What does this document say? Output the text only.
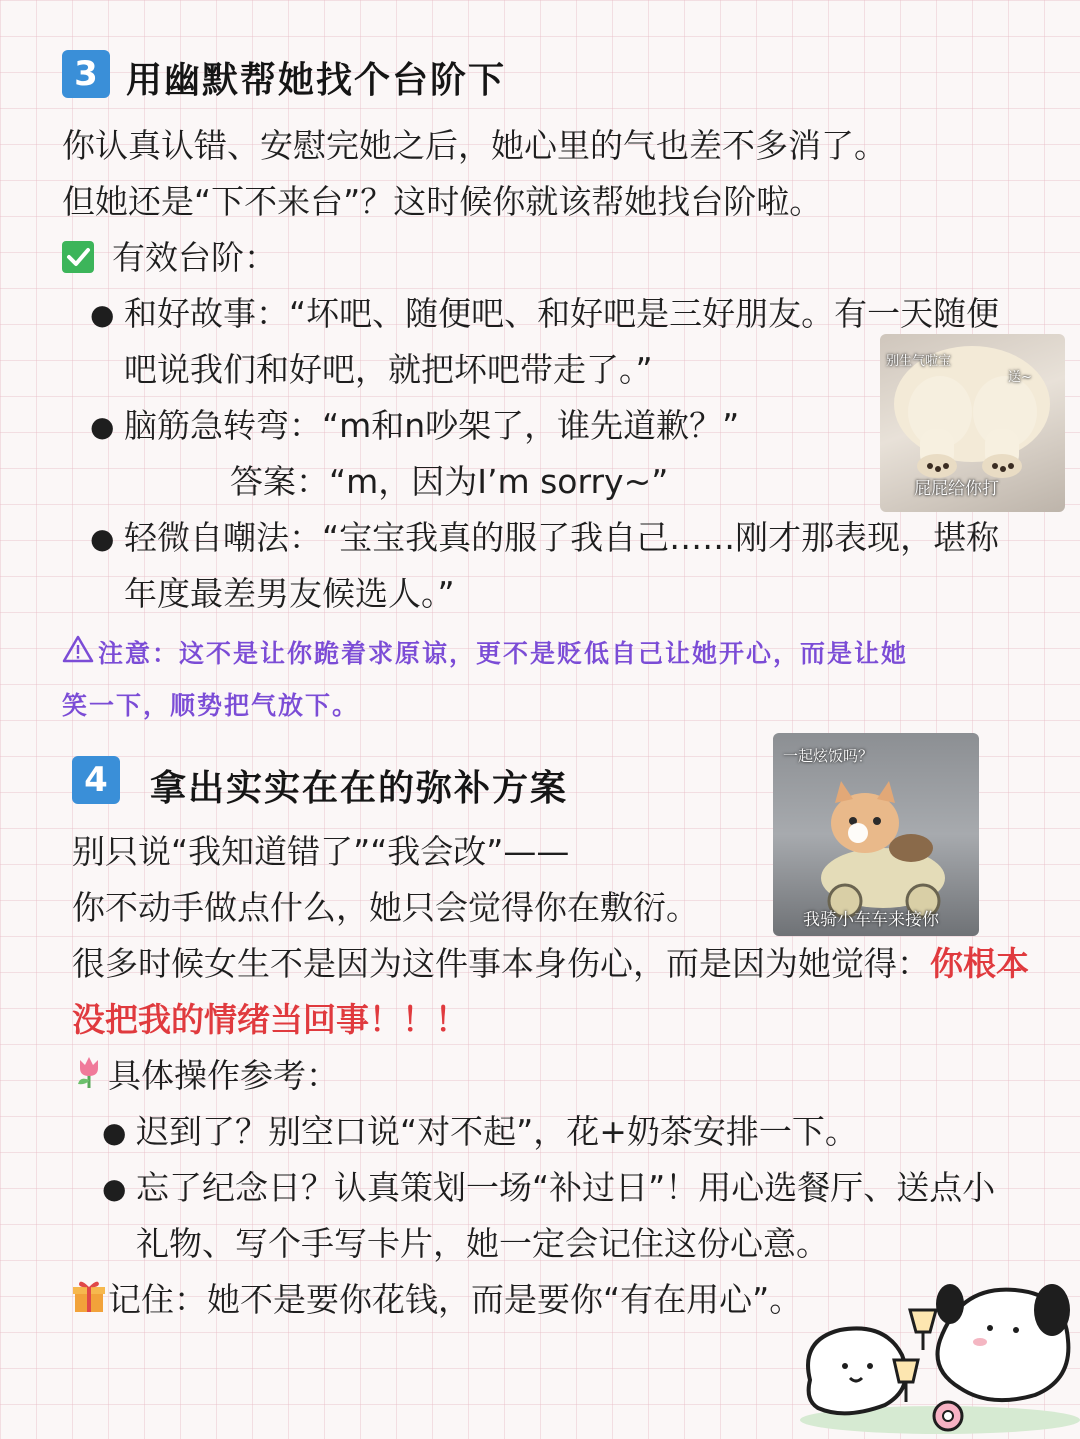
3 用幽默帮她找个台阶下
你认真认错、安慰完她之后，她心里的气也差不多消了。
但她还是“下不来台”？这时候你就该帮她找台阶啦。
有效台阶：
● 和好故事：“坏吧、随便吧、和好吧是三好朋友。有一天随便
吧说我们和好吧，就把坏吧带走了。”
● 脑筋急转弯：“m和n吵架了，谁先道歉？”
答案：“m，因为I’m sorry~”
● 轻微自嘲法：“宝宝我真的服了我自己……刚才那表现，堪称
年度最差男友候选人。”
别生气啦宝
送~
屁屁给你打
注意：这不是让你跪着求原谅，更不是贬低自己让她开心，而是让她
笑一下，顺势把气放下。
4	拿出实实在在的弥补方案
一起炫饭吗？
我骑小车车来接你
别只说“我知道错了”“我会改”——
你不动手做点什么，她只会觉得你在敷衍。
很多时候女生不是因为这件事本身伤心，而是因为她觉得：你根本
没把我的情绪当回事！！！
具体操作参考：
● 迟到了？别空口说“对不起”，花+奶茶安排一下。
● 忘了纪念日？认真策划一场“补过日”！用心选餐厅、送点小
礼物、写个手写卡片，她一定会记住这份心意。
记住：她不是要你花钱，而是要你“有在用心”。
